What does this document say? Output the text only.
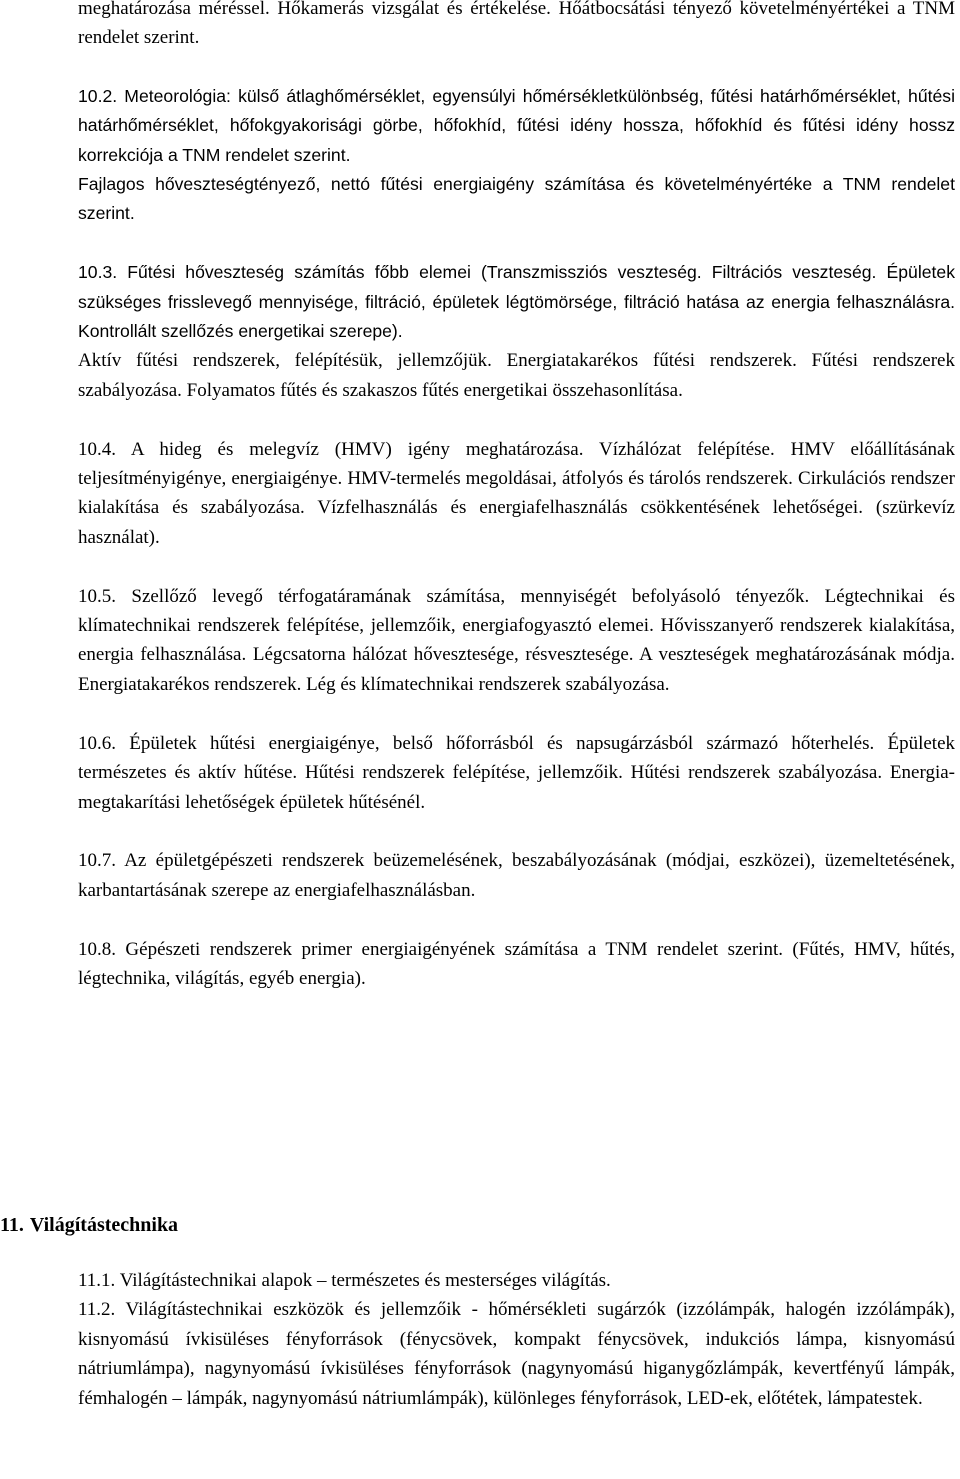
meghatározása méréssel. Hőkamerás vizsgálat és értékelése. Hőátbocsátási tényező követelményértékei a TNM rendelet szerint.

10.2. Meteorológia: külső átlaghőmérséklet, egyensúlyi hőmérsékletkülönbség, fűtési határhőmérséklet, hűtési határhőmérséklet, hőfokgyakorisági görbe, hőfokhíd, fűtési idény hossza, hőfokhíd és fűtési idény hossz korrekciója a TNM rendelet szerint.

Fajlagos hőveszteségtényező, nettó fűtési energiaigény számítása és követelményértéke a TNM rendelet szerint.

10.3. Fűtési hőveszteség számítás főbb elemei (Transzmissziós veszteség. Filtrációs veszteség. Épületek szükséges frisslevegő mennyisége, filtráció, épületek légtömörsége, filtráció hatása az energia felhasználásra. Kontrollált szellőzés energetikai szerepe).

Aktív fűtési rendszerek, felépítésük, jellemzőjük. Energiatakarékos fűtési rendszerek. Fűtési rendszerek szabályozása. Folyamatos fűtés és szakaszos fűtés energetikai összehasonlítása.

10.4. A hideg és melegvíz (HMV) igény meghatározása. Vízhálózat felépítése. HMV előállításának teljesítményigénye, energiaigénye. HMV-termelés megoldásai, átfolyós és tárolós rendszerek. Cirkulációs rendszer kialakítása és szabályozása. Vízfelhasználás és energiafelhasználás csökkentésének lehetőségei. (szürkevíz használat).

10.5. Szellőző levegő térfogatáramának számítása, mennyiségét befolyásoló tényezők. Légtechnikai és klímatechnikai rendszerek felépítése, jellemzőik, energiafogyasztó elemei. Hővisszanyerő rendszerek kialakítása, energia felhasználása. Légcsatorna hálózat hővesztesége, résvesztesége. A veszteségek meghatározásának módja. Energiatakarékos rendszerek. Lég és klímatechnikai rendszerek szabályozása.

10.6. Épületek hűtési energiaigénye, belső hőforrásból és napsugárzásból származó hőterhelés. Épületek természetes és aktív hűtése. Hűtési rendszerek felépítése, jellemzőik. Hűtési rendszerek szabályozása. Energia-megtakarítási lehetőségek épületek hűtésénél.

10.7. Az épületgépészeti rendszerek beüzemelésének, beszabályozásának (módjai, eszközei), üzemeltetésének, karbantartásának szerepe az energiafelhasználásban.

10.8. Gépészeti rendszerek primer energiaigényének számítása a TNM rendelet szerint. (Fűtés, HMV, hűtés, légtechnika, világítás, egyéb energia).

11. Világítástechnika

11.1. Világítástechnikai alapok – természetes és mesterséges világítás.

11.2. Világítástechnikai eszközök és jellemzőik - hőmérsékleti sugárzók (izzólámpák, halogén izzólámpák), kisnyomású ívkisüléses fényforrások (fénycsövek, kompakt fénycsövek, indukciós lámpa, kisnyomású nátriumlámpa), nagynyomású ívkisüléses fényforrások (nagynyomású higanygőzlámpák, kevertfényű lámpák, fémhalogén – lámpák, nagynyomású nátriumlámpák), különleges fényforrások, LED-ek, előtétek, lámpatestek.
